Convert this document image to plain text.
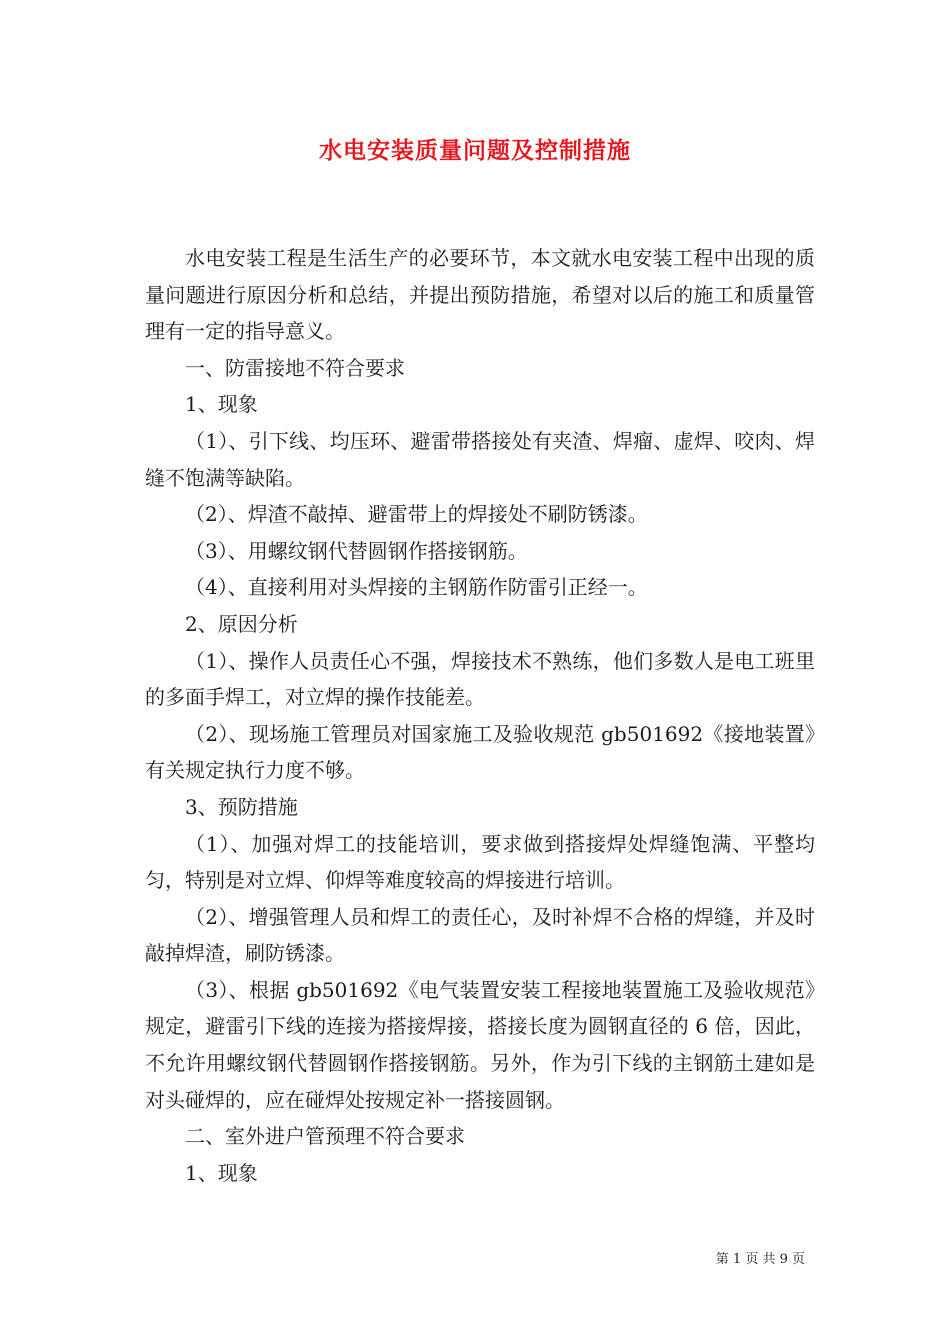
水电安装质量问题及控制措施

水电安装工程是生活生产的必要环节，本文就水电安装工程中出现的质量问题进行原因分析和总结，并提出预防措施，希望对以后的施工和质量管理有一定的指导意义。

一、防雷接地不符合要求

1、现象

（1）、引下线、均压环、避雷带搭接处有夹渣、焊瘤、虚焊、咬肉、焊缝不饱满等缺陷。

（2）、焊渣不敲掉、避雷带上的焊接处不刷防锈漆。

（3）、用螺纹钢代替圆钢作搭接钢筋。

（4）、直接利用对头焊接的主钢筋作防雷引正经一。

2、原因分析

（1）、操作人员责任心不强，焊接技术不熟练，他们多数人是电工班里的多面手焊工，对立焊的操作技能差。

（2）、现场施工管理员对国家施工及验收规范 gb501692《接地装置》有关规定执行力度不够。

3、预防措施

（1）、加强对焊工的技能培训，要求做到搭接焊处焊缝饱满、平整均匀，特别是对立焊、仰焊等难度较高的焊接进行培训。

（2）、增强管理人员和焊工的责任心，及时补焊不合格的焊缝，并及时敲掉焊渣，刷防锈漆。

（3）、根据 gb501692《电气装置安装工程接地装置施工及验收规范》规定，避雷引下线的连接为搭接焊接，搭接长度为圆钢直径的 6 倍，因此，不允许用螺纹钢代替圆钢作搭接钢筋。另外，作为引下线的主钢筋土建如是对头碰焊的，应在碰焊处按规定补一搭接圆钢。

二、室外进户管预理不符合要求

1、现象

第 1 页 共 9 页
